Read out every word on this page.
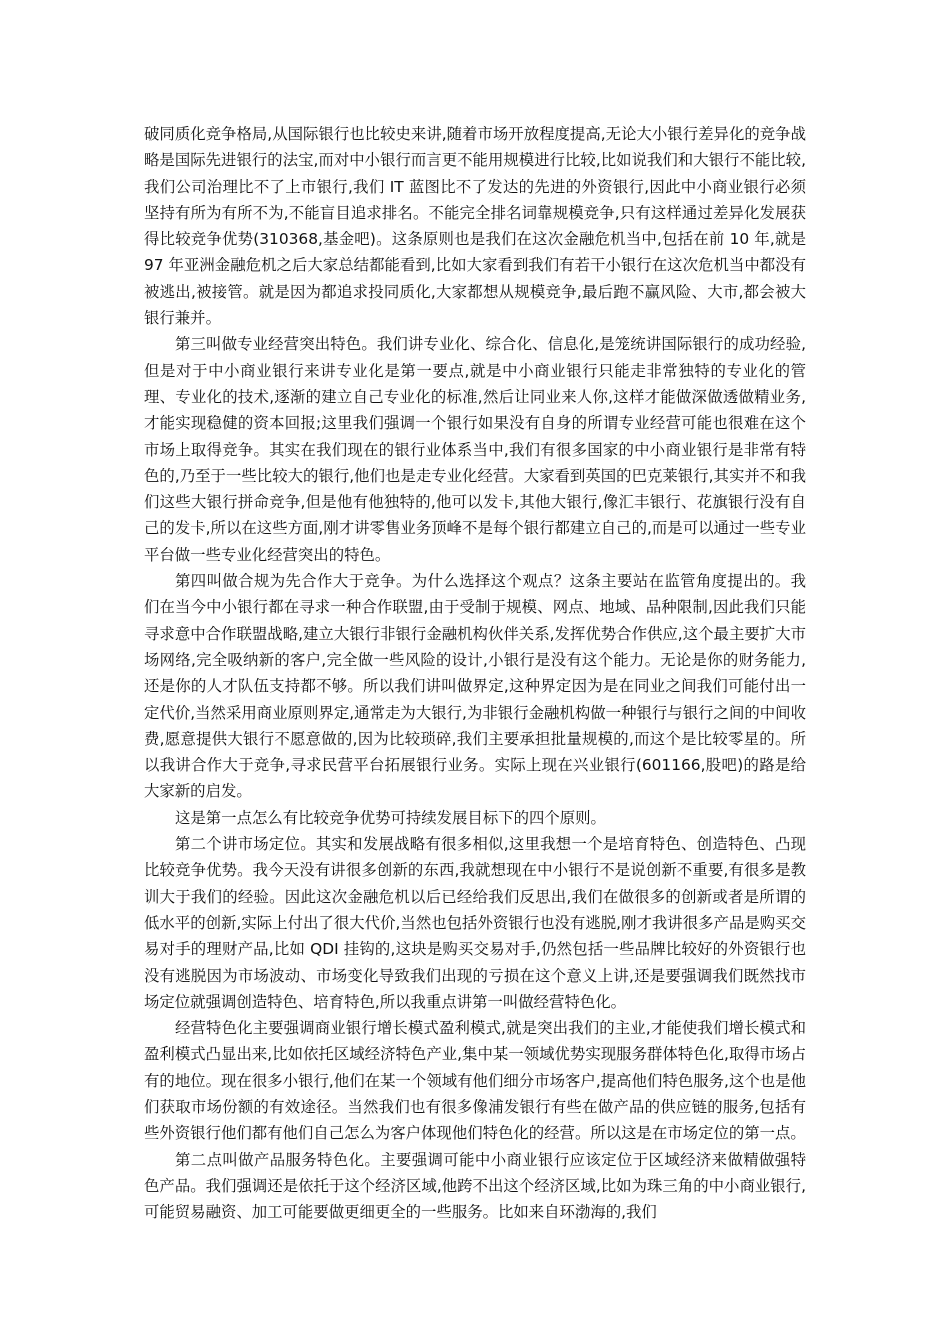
破同质化竞争格局,从国际银行也比较史来讲,随着市场开放程度提高,无论大小银行差异化的竞争战略是国际先进银行的法宝,而对中小银行而言更不能用规模进行比较,比如说我们和大银行不能比较,我们公司治理比不了上市银行,我们 IT 蓝图比不了发达的先进的外资银行,因此中小商业银行必须坚持有所为有所不为,不能盲目追求排名。不能完全排名词靠规模竞争,只有这样通过差异化发展获得比较竞争优势(310368,基金吧)。这条原则也是我们在这次金融危机当中,包括在前 10 年,就是 97 年亚洲金融危机之后大家总结都能看到,比如大家看到我们有若干小银行在这次危机当中都没有被逃出,被接管。就是因为都追求投同质化,大家都想从规模竞争,最后跑不赢风险、大市,都会被大银行兼并。

第三叫做专业经营突出特色。我们讲专业化、综合化、信息化,是笼统讲国际银行的成功经验,但是对于中小商业银行来讲专业化是第一要点,就是中小商业银行只能走非常独特的专业化的管理、专业化的技术,逐渐的建立自己专业化的标准,然后让同业来人你,这样才能做深做透做精业务,才能实现稳健的资本回报;这里我们强调一个银行如果没有自身的所谓专业经营可能也很难在这个市场上取得竞争。其实在我们现在的银行业体系当中,我们有很多国家的中小商业银行是非常有特色的,乃至于一些比较大的银行,他们也是走专业化经营。大家看到英国的巴克莱银行,其实并不和我们这些大银行拼命竞争,但是他有他独特的,他可以发卡,其他大银行,像汇丰银行、花旗银行没有自己的发卡,所以在这些方面,刚才讲零售业务顶峰不是每个银行都建立自己的,而是可以通过一些专业平台做一些专业化经营突出的特色。

第四叫做合规为先合作大于竞争。为什么选择这个观点？这条主要站在监管角度提出的。我们在当今中小银行都在寻求一种合作联盟,由于受制于规模、网点、地域、品种限制,因此我们只能寻求意中合作联盟战略,建立大银行非银行金融机构伙伴关系,发挥优势合作供应,这个最主要扩大市场网络,完全吸纳新的客户,完全做一些风险的设计,小银行是没有这个能力。无论是你的财务能力,还是你的人才队伍支持都不够。所以我们讲叫做界定,这种界定因为是在同业之间我们可能付出一定代价,当然采用商业原则界定,通常走为大银行,为非银行金融机构做一种银行与银行之间的中间收费,愿意提供大银行不愿意做的,因为比较琐碎,我们主要承担批量规模的,而这个是比较零星的。所以我讲合作大于竞争,寻求民营平台拓展银行业务。实际上现在兴业银行(601166,股吧)的路是给大家新的启发。

这是第一点怎么有比较竞争优势可持续发展目标下的四个原则。

第二个讲市场定位。其实和发展战略有很多相似,这里我想一个是培育特色、创造特色、凸现比较竞争优势。我今天没有讲很多创新的东西,我就想现在中小银行不是说创新不重要,有很多是教训大于我们的经验。因此这次金融危机以后已经给我们反思出,我们在做很多的创新或者是所谓的低水平的创新,实际上付出了很大代价,当然也包括外资银行也没有逃脱,刚才我讲很多产品是购买交易对手的理财产品,比如 QDI 挂钩的,这块是购买交易对手,仍然包括一些品牌比较好的外资银行也没有逃脱因为市场波动、市场变化导致我们出现的亏损在这个意义上讲,还是要强调我们既然找市场定位就强调创造特色、培育特色,所以我重点讲第一叫做经营特色化。

经营特色化主要强调商业银行增长模式盈利模式,就是突出我们的主业,才能使我们增长模式和盈利模式凸显出来,比如依托区域经济特色产业,集中某一领域优势实现服务群体特色化,取得市场占有的地位。现在很多小银行,他们在某一个领域有他们细分市场客户,提高他们特色服务,这个也是他们获取市场份额的有效途径。当然我们也有很多像浦发银行有些在做产品的供应链的服务,包括有些外资银行他们都有他们自己怎么为客户体现他们特色化的经营。所以这是在市场定位的第一点。

第二点叫做产品服务特色化。主要强调可能中小商业银行应该定位于区域经济来做精做强特色产品。我们强调还是依托于这个经济区域,他跨不出这个经济区域,比如为珠三角的中小商业银行,可能贸易融资、加工可能要做更细更全的一些服务。比如来自环渤海的,我们
